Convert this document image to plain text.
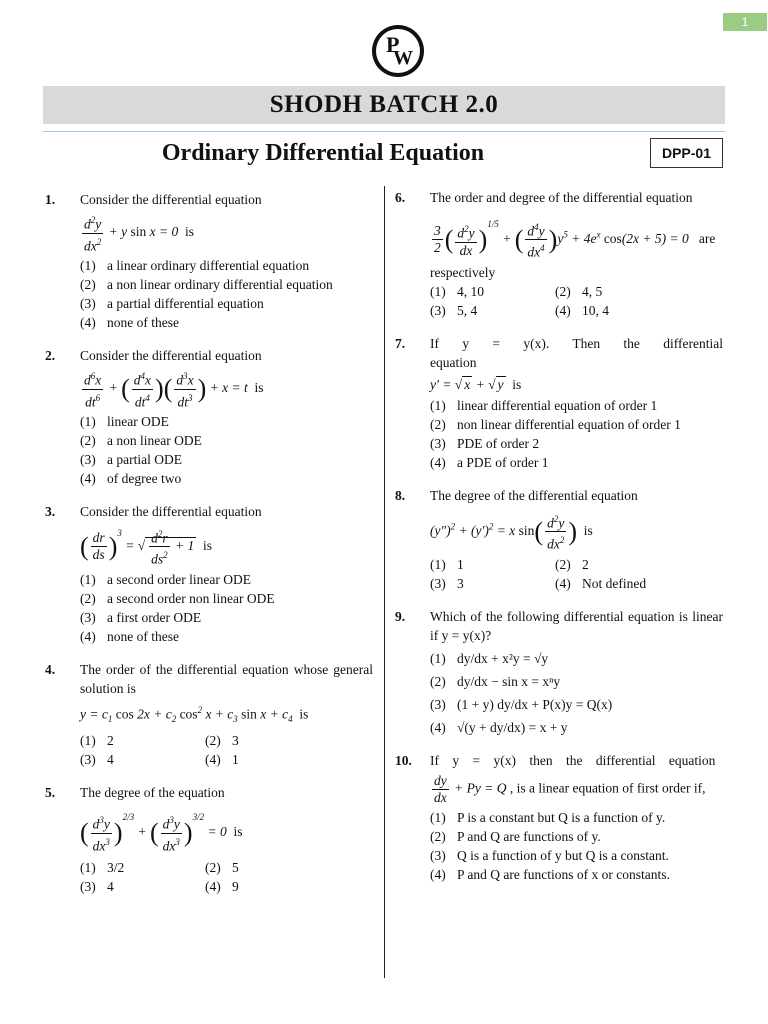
1
P
W
SHODH BATCH 2.0
Ordinary Differential Equation	DPP-01
1. Consider the differential equation
$\frac{d^2y}{dx^2} + y$ sin x = 0  is
(1) a linear ordinary differential equation
(2) a non linear ordinary differential equation
(3) a partial differential equation
(4) none of these
2. Consider the differential equation
$\frac{d^6x}{dt^6}$ + ( $\frac{d^4x}{dt^4}$ )( $\frac{d^3x}{dt^3}$ ) + x = t  is
(1) linear ODE
(2) a non linear ODE
(3) a partial ODE
(4) of degree two
3. Consider the differential equation
( $\frac{dr}{ds} )^3$ = √ $\frac{d^2r}{ds^2} + 1$ is
(1) a second order linear ODE
(2) a second order non linear ODE
(3) a first order ODE
(4) none of these
4. The order of the differential equation whose general solution is
$y = c_1$ $\cos 2x + c_2$ $\cos^2 x + c_3$ $\sin x + c_4$ is
(1) 2	(2) 3
(3) 4	(4) 1
5. The degree of the equation
( $\frac{d^3y}{dx^3} )^{2/3}$ + ( $\frac{d^3y}{dx^3} )^{3/2} = 0$  is
(1) 3/2	(2) 5
(3) 4	(4) 9
6. The order and degree of the differential equation
$\frac{3}{2}$ ( $\frac{d^2y}{dx} )^{1/5}$ + ( $\frac{d^4y}{dx^4} )y^5 + 4e^x$ cos(2x + 5) = 0   are
respectively
(1) 4, 10	(2) 4, 5
(3) 5, 4	(4) 10, 4
7. If y = y(x). Then the differential equation
y′ = √ x + √ y is
(1) linear differential equation of order 1
(2) non linear differential equation of order 1
(3) PDE of order 2
(4) a PDE of order 1
8. The degree of the differential equation
$(y'')^2 + (y')^2 = x$ $\sin( \frac{d^2y}{dx^2}$ ) is
(1) 1	(2) 2
(3) 3	(4) Not defined
9. Which of the following differential equation is linear if y = y(x)?
(1) dy/dx + x²y = √y
(2) dy/dx − sin x = xⁿy
(3) (1 + y) dy/dx + P(x)y = Q(x)
(4) √(y + dy/dx) = x + y
10. If y = y(x) then the differential equation
$\frac{dy}{dx} + Py = Q$ , is a linear equation of first order if,
(1) P is a constant but Q is a function of y.
(2) P and Q are functions of y.
(3) Q is a function of y but Q is a constant.
(4) P and Q are functions of x or constants.
